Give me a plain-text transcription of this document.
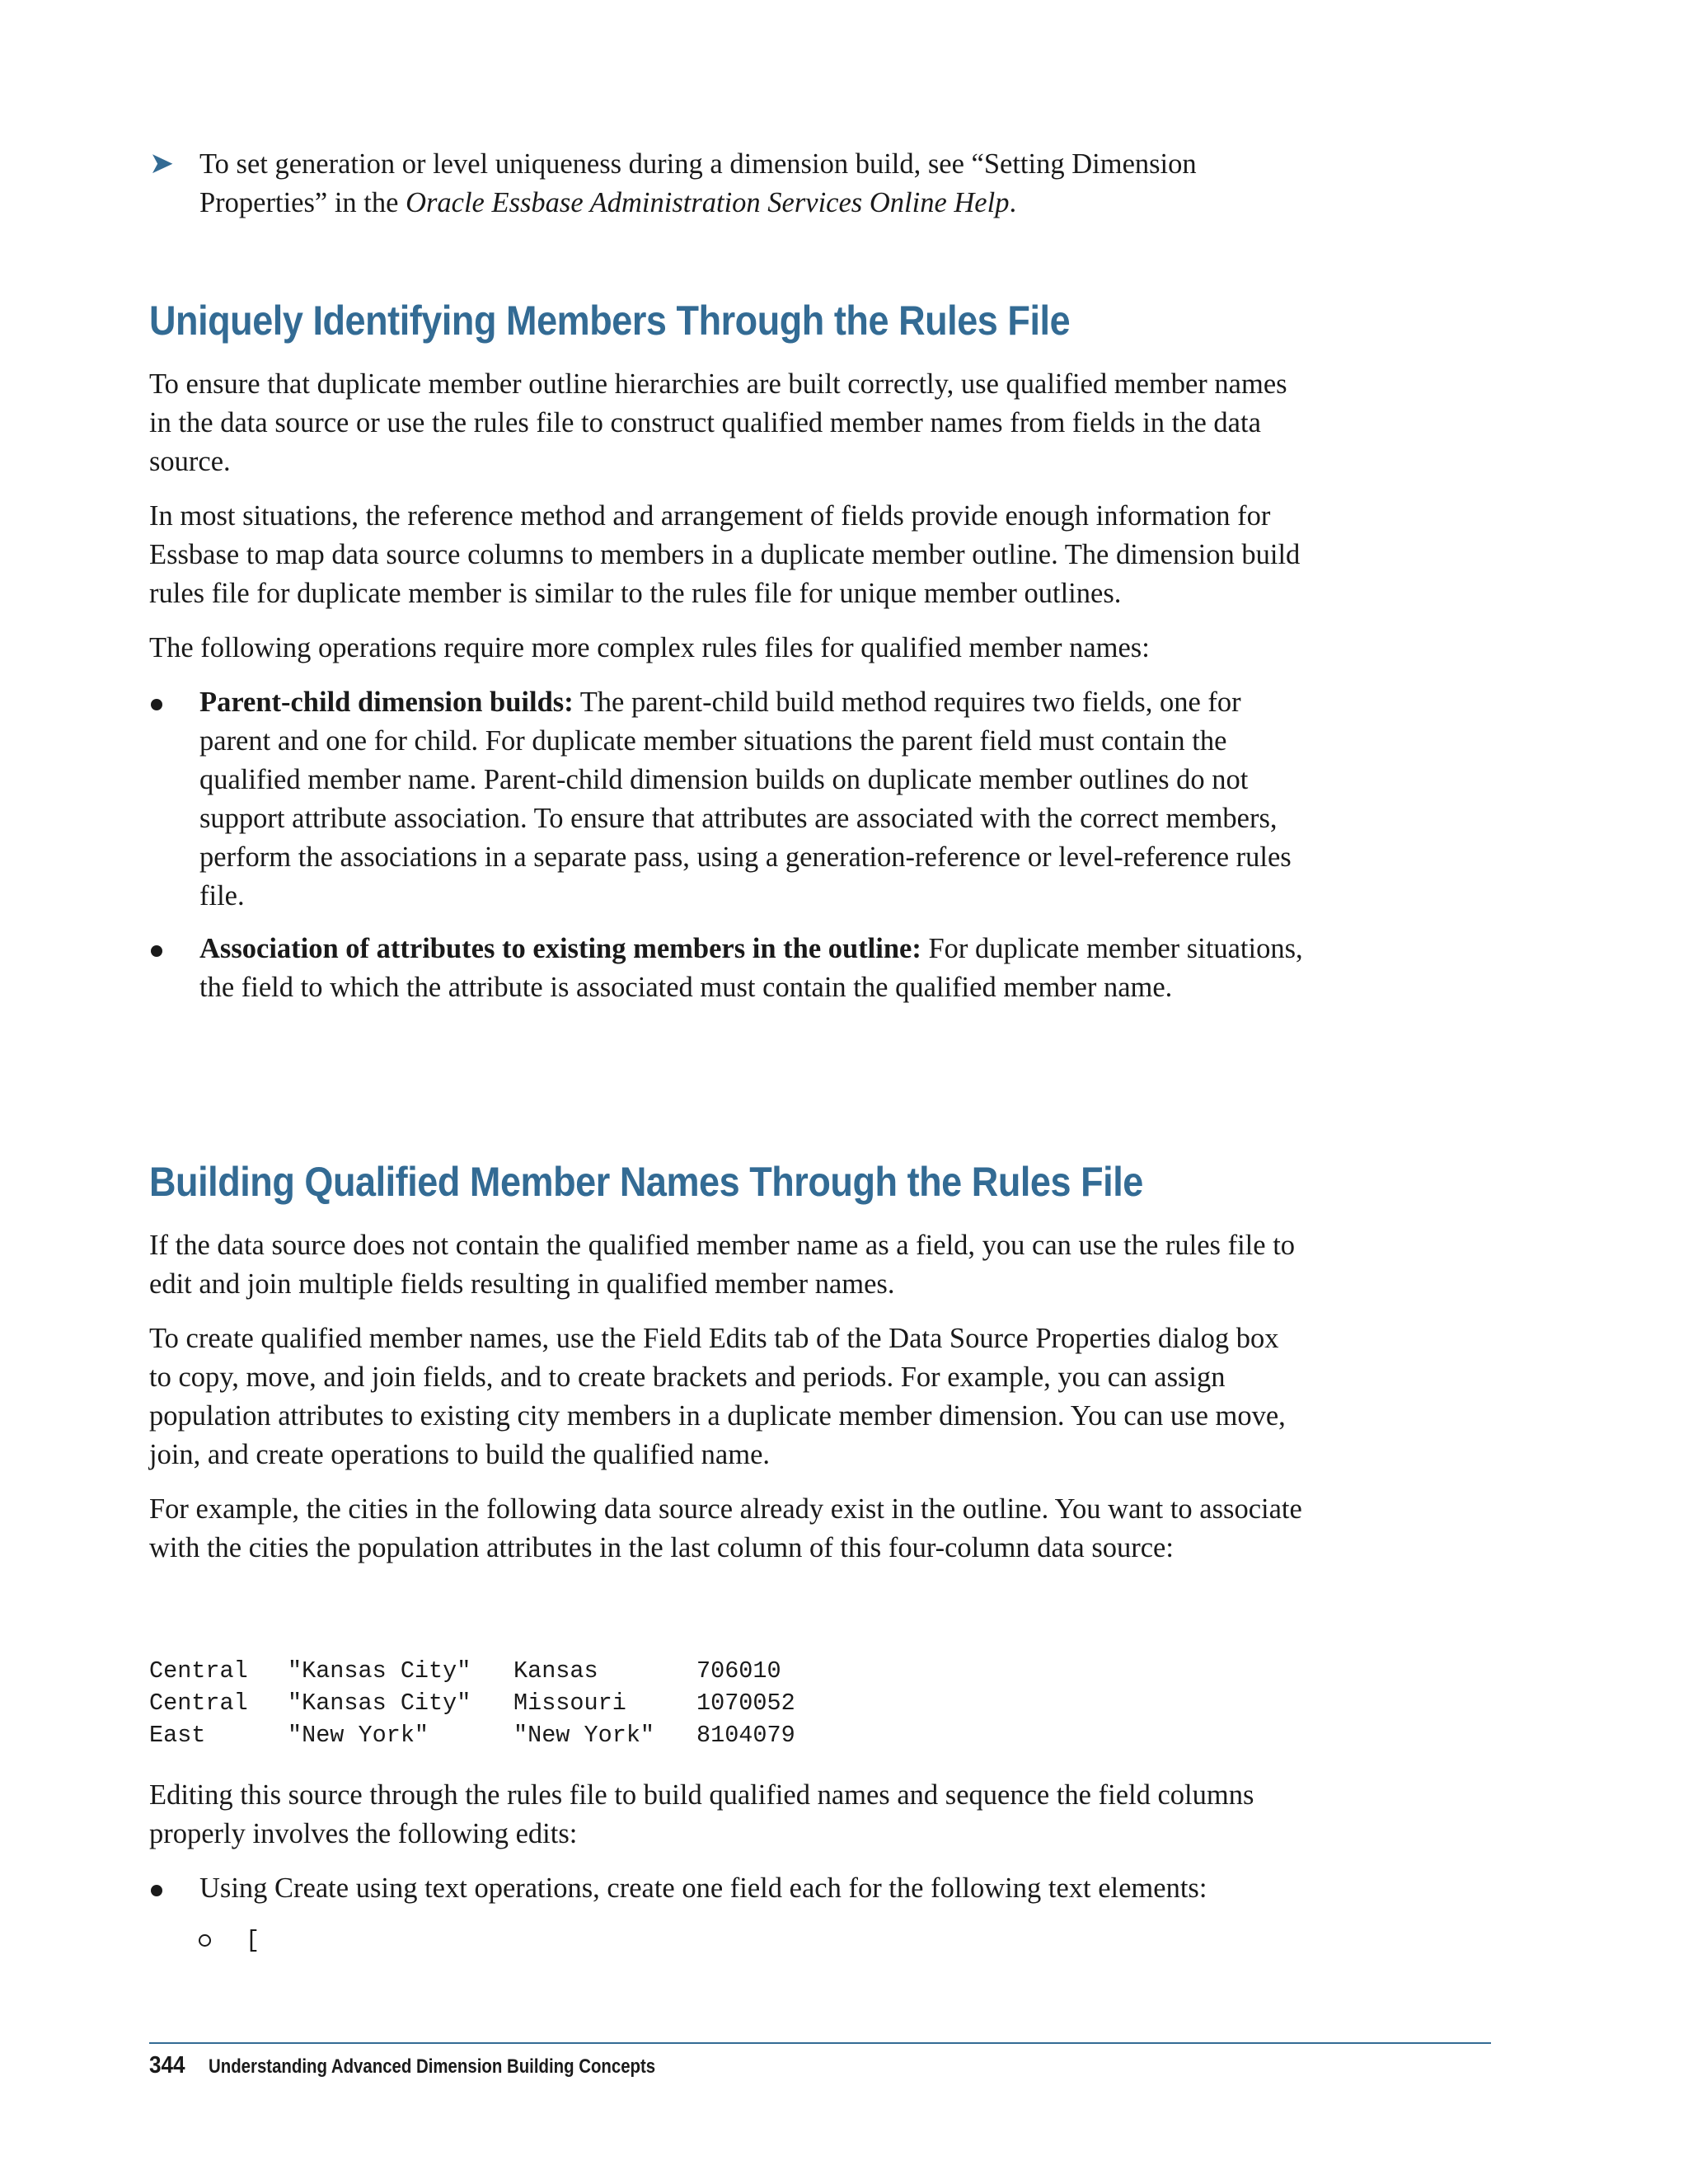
➤ To set generation or level uniqueness during a dimension build, see “Setting Dimension Properties” in the Oracle Essbase Administration Services Online Help.
Uniquely Identifying Members Through the Rules File

To ensure that duplicate member outline hierarchies are built correctly, use qualified member names in the data source or use the rules file to construct qualified member names from fields in the data source.

In most situations, the reference method and arrangement of fields provide enough information for Essbase to map data source columns to members in a duplicate member outline. The dimension build rules file for duplicate member is similar to the rules file for unique member outlines.

The following operations require more complex rules files for qualified member names:

Parent-child dimension builds: The parent-child build method requires two fields, one for parent and one for child. For duplicate member situations the parent field must contain the qualified member name. Parent-child dimension builds on duplicate member outlines do not support attribute association. To ensure that attributes are associated with the correct members, perform the associations in a separate pass, using a generation-reference or level-reference rules file.
Association of attributes to existing members in the outline: For duplicate member situations, the field to which the attribute is associated must contain the qualified member name.
Building Qualified Member Names Through the Rules File

If the data source does not contain the qualified member name as a field, you can use the rules file to edit and join multiple fields resulting in qualified member names.

To create qualified member names, use the Field Edits tab of the Data Source Properties dialog box to copy, move, and join fields, and to create brackets and periods. For example, you can assign population attributes to existing city members in a duplicate member dimension. You can use move, join, and create operations to build the qualified name.

For example, the cities in the following data source already exist in the outline. You want to associate with the cities the population attributes in the last column of this four-column data source:

Central	"Kansas City"	Kansas	706010
Central	"Kansas City"	Missouri	1070052
East	"New York"	"New York"	8104079

Editing this source through the rules file to build qualified names and sequence the field columns properly involves the following edits:

Using Create using text operations, create one field each for the following text elements:
[
344 Understanding Advanced Dimension Building Concepts
